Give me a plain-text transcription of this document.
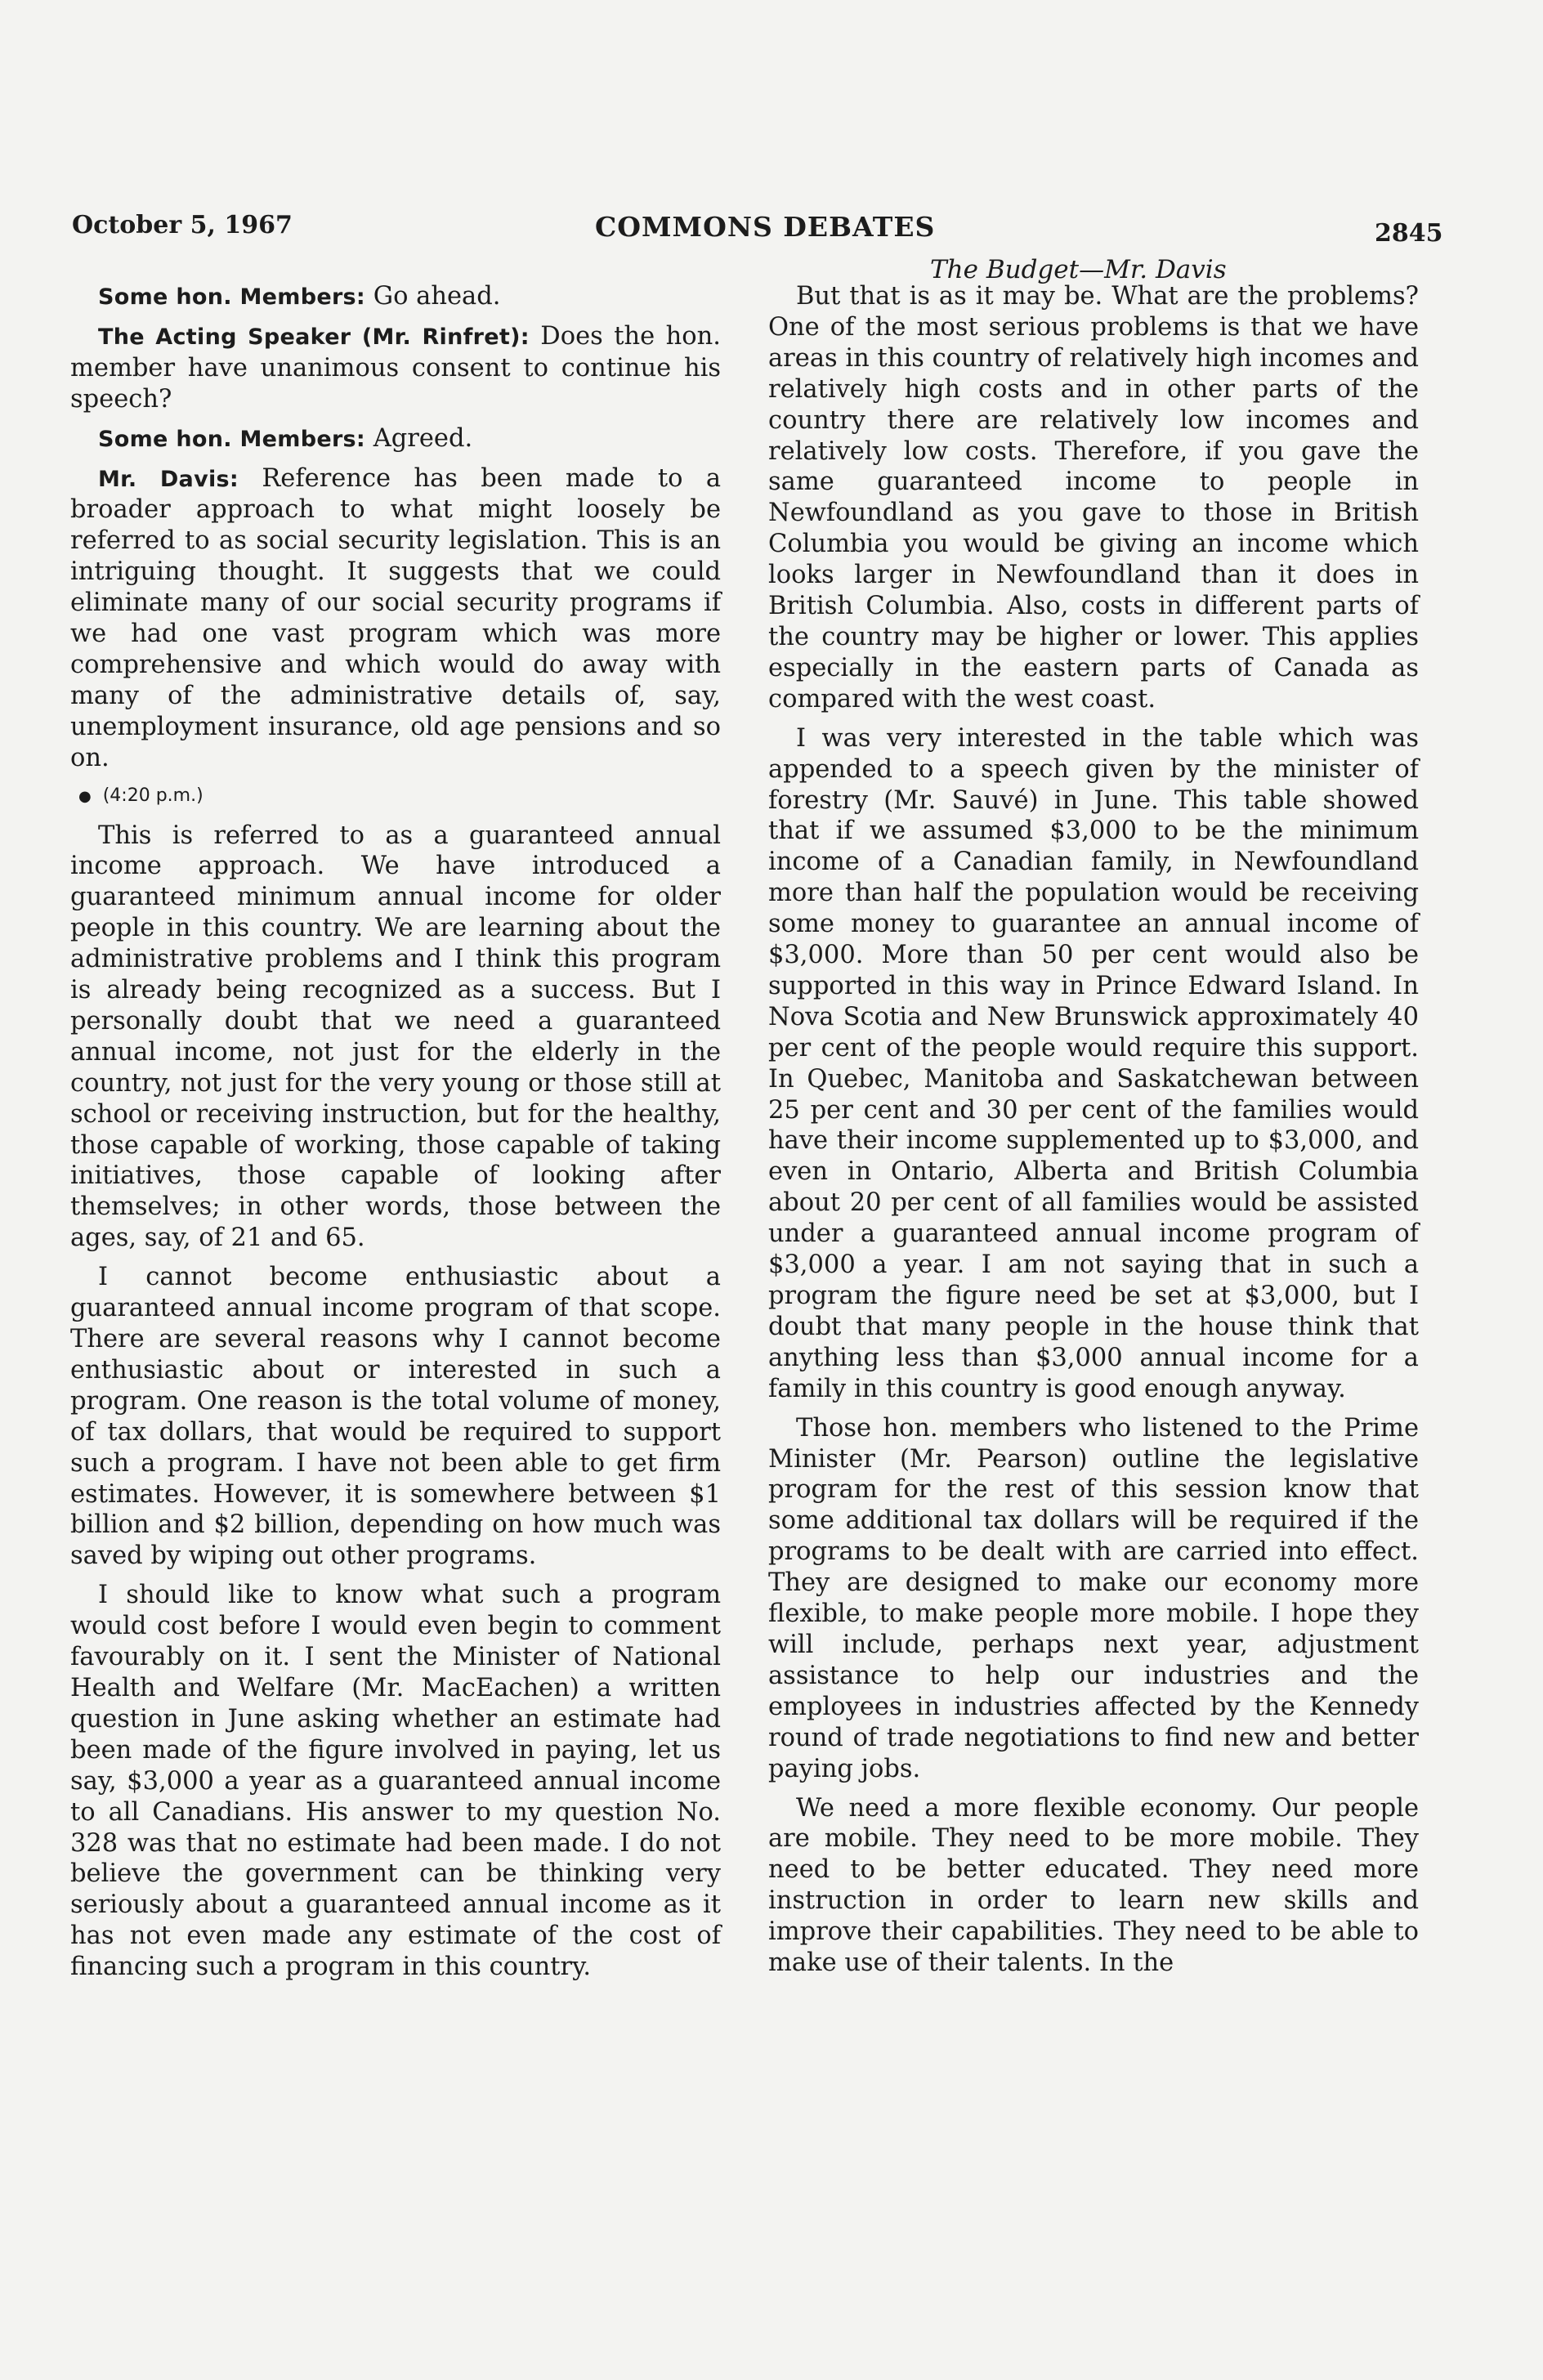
October 5, 1967	COMMONS DEBATES	2845
The Budget—Mr. Davis

Some hon. Members: Go ahead.

The Acting Speaker (Mr. Rinfret): Does the hon. member have unanimous consent to continue his speech?

Some hon. Members: Agreed.

Mr. Davis: Reference has been made to a broader approach to what might loosely be referred to as social security legislation. This is an intriguing thought. It suggests that we could eliminate many of our social security programs if we had one vast program which was more comprehensive and which would do away with many of the administrative details of, say, unemployment insurance, old age pensions and so on.

● (4:20 p.m.)

This is referred to as a guaranteed annual income approach. We have introduced a guaranteed minimum annual income for older people in this country. We are learning about the administrative problems and I think this program is already being recognized as a success. But I personally doubt that we need a guaranteed annual income, not just for the elderly in the country, not just for the very young or those still at school or receiving instruction, but for the healthy, those capable of working, those capable of taking initiatives, those capable of looking after themselves; in other words, those between the ages, say, of 21 and 65.

I cannot become enthusiastic about a guaranteed annual income program of that scope. There are several reasons why I cannot become enthusiastic about or interested in such a program. One reason is the total volume of money, of tax dollars, that would be required to support such a program. I have not been able to get firm estimates. However, it is somewhere between $1 billion and $2 billion, depending on how much was saved by wiping out other programs.

I should like to know what such a program would cost before I would even begin to comment favourably on it. I sent the Minister of National Health and Welfare (Mr. MacEachen) a written question in June asking whether an estimate had been made of the figure involved in paying, let us say, $3,000 a year as a guaranteed annual income to all Canadians. His answer to my question No. 328 was that no estimate had been made. I do not believe the government can be thinking very seriously about a guaranteed annual income as it has not even made any estimate of the cost of financing such a program in this country.

But that is as it may be. What are the problems? One of the most serious problems is that we have areas in this country of relatively high incomes and relatively high costs and in other parts of the country there are relatively low incomes and relatively low costs. Therefore, if you gave the same guaranteed income to people in Newfoundland as you gave to those in British Columbia you would be giving an income which looks larger in Newfoundland than it does in British Columbia. Also, costs in different parts of the country may be higher or lower. This applies especially in the eastern parts of Canada as compared with the west coast.

I was very interested in the table which was appended to a speech given by the minister of forestry (Mr. Sauvé) in June. This table showed that if we assumed $3,000 to be the minimum income of a Canadian family, in Newfoundland more than half the population would be receiving some money to guarantee an annual income of $3,000. More than 50 per cent would also be supported in this way in Prince Edward Island. In Nova Scotia and New Brunswick approximately 40 per cent of the people would require this support. In Quebec, Manitoba and Saskatchewan between 25 per cent and 30 per cent of the families would have their income supplemented up to $3,000, and even in Ontario, Alberta and British Columbia about 20 per cent of all families would be assisted under a guaranteed annual income program of $3,000 a year. I am not saying that in such a program the figure need be set at $3,000, but I doubt that many people in the house think that anything less than $3,000 annual income for a family in this country is good enough anyway.

Those hon. members who listened to the Prime Minister (Mr. Pearson) outline the legislative program for the rest of this session know that some additional tax dollars will be required if the programs to be dealt with are carried into effect. They are designed to make our economy more flexible, to make people more mobile. I hope they will include, perhaps next year, adjustment assistance to help our industries and the employees in industries affected by the Kennedy round of trade negotiations to find new and better paying jobs.

We need a more flexible economy. Our people are mobile. They need to be more mobile. They need to be better educated. They need more instruction in order to learn new skills and improve their capabilities. They need to be able to make use of their talents. In the
